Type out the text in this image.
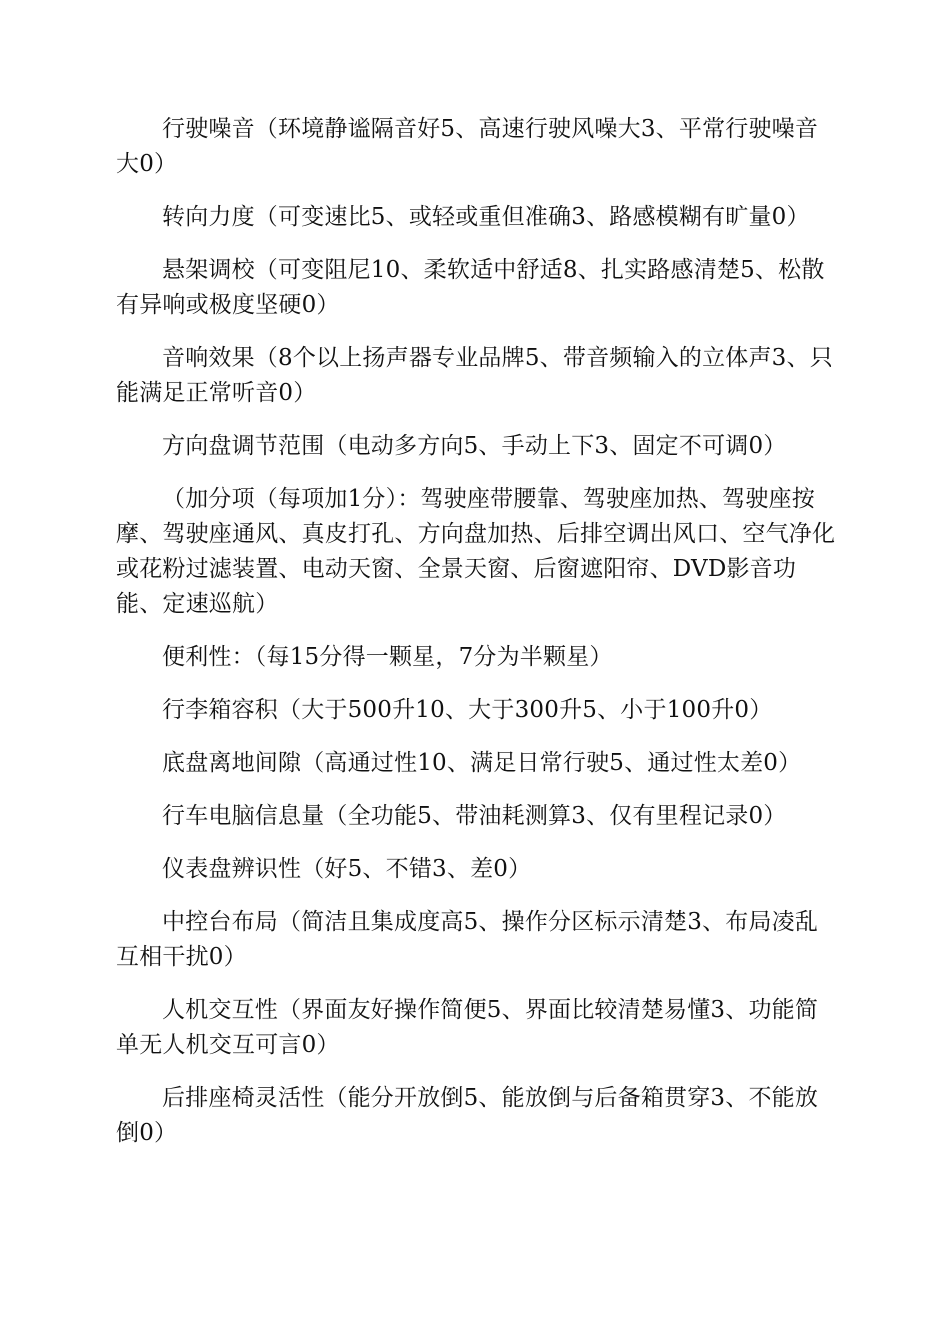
行驶噪音（环境静谧隔音好5、高速行驶风噪大3、平常行驶噪音大0）

转向力度（可变速比5、或轻或重但准确3、路感模糊有旷量0）

悬架调校（可变阻尼10、柔软适中舒适8、扎实路感清楚5、松散有异响或极度坚硬0）

音响效果（8个以上扬声器专业品牌5、带音频输入的立体声3、只能满足正常听音0）

方向盘调节范围（电动多方向5、手动上下3、固定不可调0）

（加分项（每项加1分）：驾驶座带腰靠、驾驶座加热、驾驶座按摩、驾驶座通风、真皮打孔、方向盘加热、后排空调出风口、空气净化或花粉过滤装置、电动天窗、全景天窗、后窗遮阳帘、DVD影音功能、定速巡航）

便利性：（每15分得一颗星，7分为半颗星）

行李箱容积（大于500升10、大于300升5、小于100升0）

底盘离地间隙（高通过性10、满足日常行驶5、通过性太差0）

行车电脑信息量（全功能5、带油耗测算3、仅有里程记录0）

仪表盘辨识性（好5、不错3、差0）

中控台布局（简洁且集成度高5、操作分区标示清楚3、布局凌乱互相干扰0）

人机交互性（界面友好操作简便5、界面比较清楚易懂3、功能简单无人机交互可言0）

后排座椅灵活性（能分开放倒5、能放倒与后备箱贯穿3、不能放倒0）
